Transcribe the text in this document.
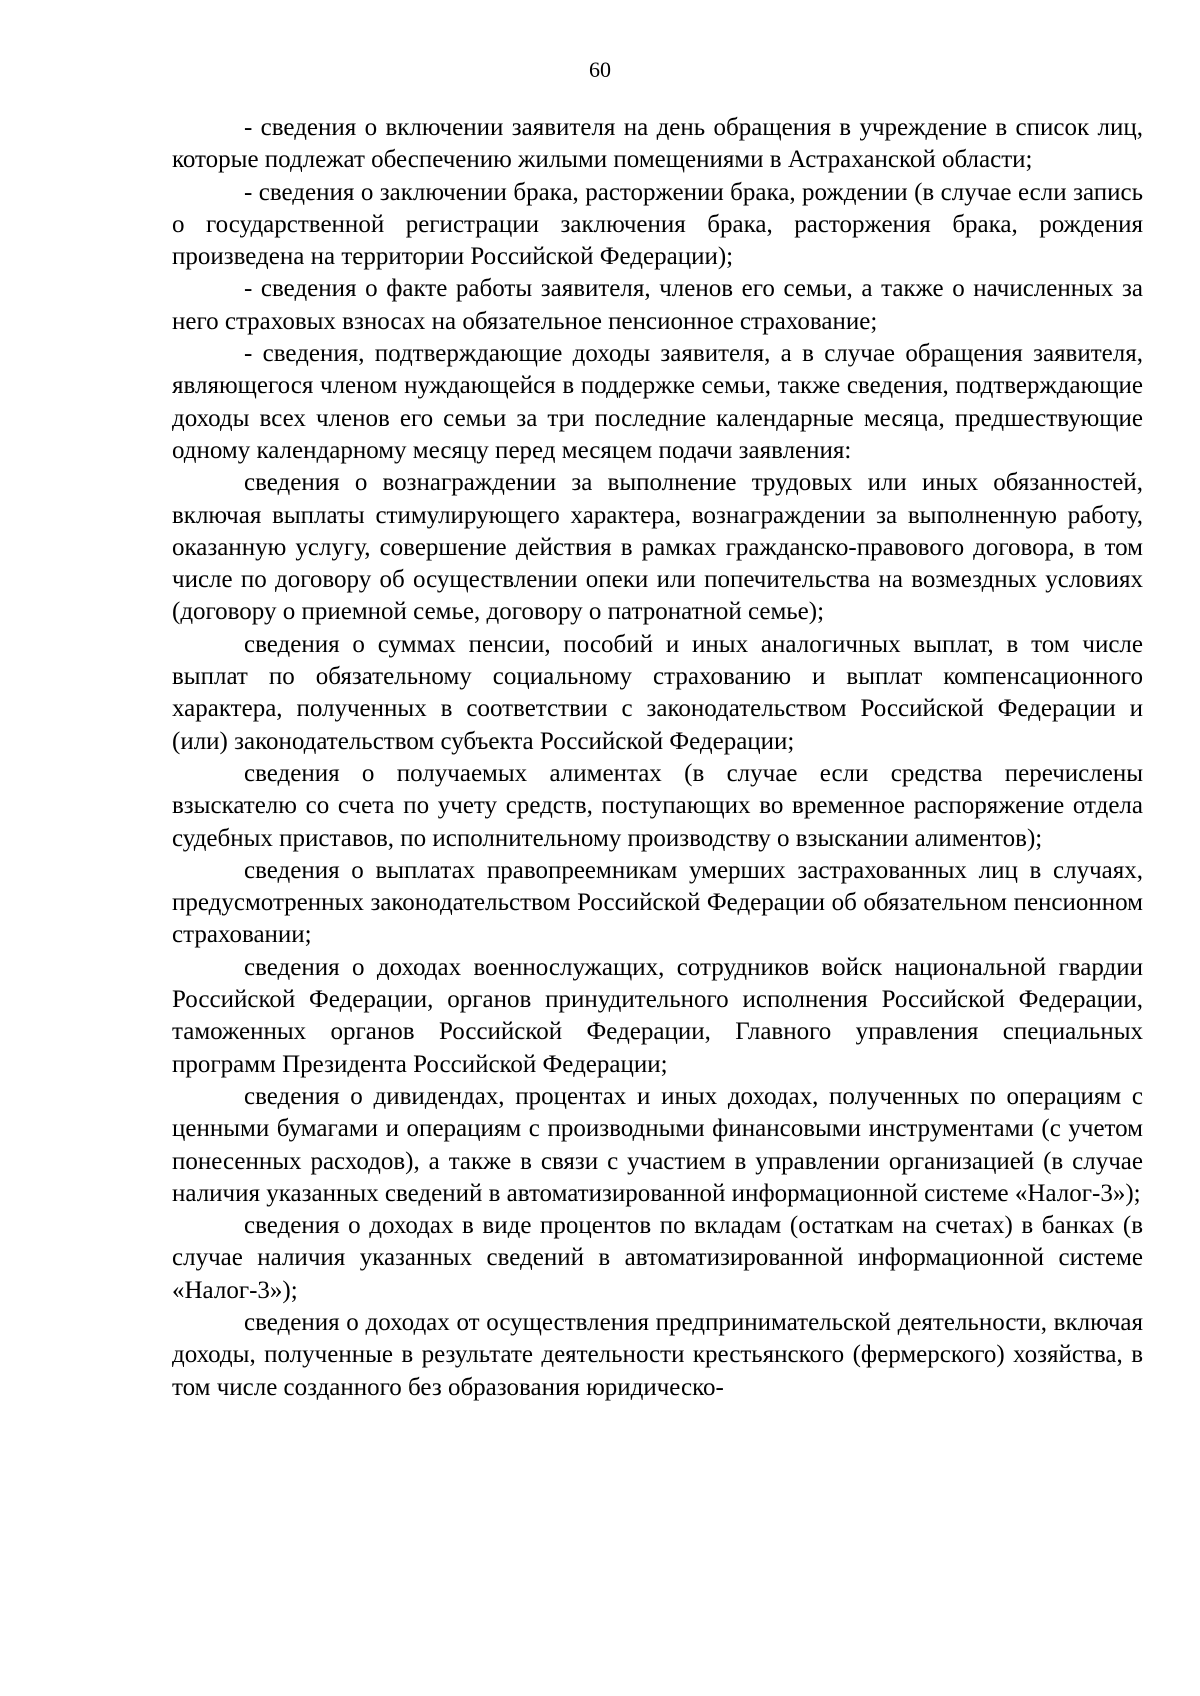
60

- сведения о включении заявителя на день обращения в учреждение в список лиц, которые подлежат обеспечению жилыми помещениями в Астраханской области;

- сведения о заключении брака, расторжении брака, рождении (в случае если запись о государственной регистрации заключения брака, расторжения брака, рождения произведена на территории Российской Федерации);

- сведения о факте работы заявителя, членов его семьи, а также о начисленных за него страховых взносах на обязательное пенсионное страхование;

- сведения, подтверждающие доходы заявителя, а в случае обращения заявителя, являющегося членом нуждающейся в поддержке семьи, также сведения, подтверждающие доходы всех членов его семьи за три последние календарные месяца, предшествующие одному календарному месяцу перед месяцем подачи заявления:

сведения о вознаграждении за выполнение трудовых или иных обязанностей, включая выплаты стимулирующего характера, вознаграждении за выполненную работу, оказанную услугу, совершение действия в рамках гражданско-правового договора, в том числе по договору об осуществлении опеки или попечительства на возмездных условиях (договору о приемной семье, договору о патронатной семье);

сведения о суммах пенсии, пособий и иных аналогичных выплат, в том числе выплат по обязательному социальному страхованию и выплат компенсационного характера, полученных в соответствии с законодательством Российской Федерации и (или) законодательством субъекта Российской Федерации;

сведения о получаемых алиментах (в случае если средства перечислены взыскателю со счета по учету средств, поступающих во временное распоряжение отдела судебных приставов, по исполнительному производству о взыскании алиментов);

сведения о выплатах правопреемникам умерших застрахованных лиц в случаях, предусмотренных законодательством Российской Федерации об обязательном пенсионном страховании;

сведения о доходах военнослужащих, сотрудников войск национальной гвардии Российской Федерации, органов принудительного исполнения Российской Федерации, таможенных органов Российской Федерации, Главного управления специальных программ Президента Российской Федерации;

сведения о дивидендах, процентах и иных доходах, полученных по операциям с ценными бумагами и операциям с производными финансовыми инструментами (с учетом понесенных расходов), а также в связи с участием в управлении организацией (в случае наличия указанных сведений в автоматизированной информационной системе «Налог-3»);

сведения о доходах в виде процентов по вкладам (остаткам на счетах) в банках (в случае наличия указанных сведений в автоматизированной информационной системе «Налог-3»);

сведения о доходах от осуществления предпринимательской деятельности, включая доходы, полученные в результате деятельности крестьянского (фермерского) хозяйства, в том числе созданного без образования юридическо-
